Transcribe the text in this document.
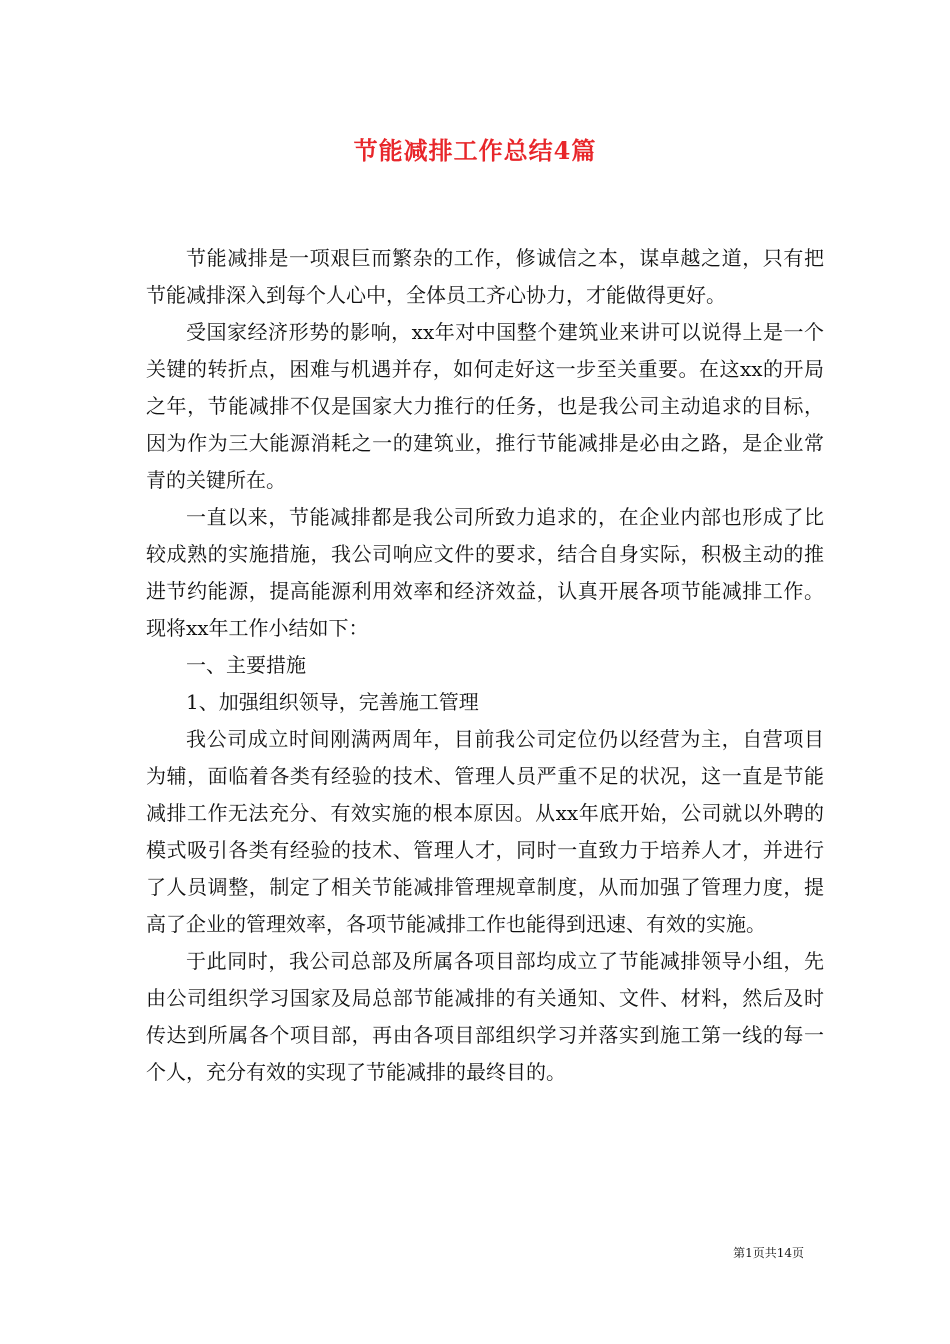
节能减排工作总结4篇

节能减排是一项艰巨而繁杂的工作，修诚信之本，谋卓越之道，只有把节能减排深入到每个人心中，全体员工齐心协力，才能做得更好。

受国家经济形势的影响，xx年对中国整个建筑业来讲可以说得上是一个关键的转折点，困难与机遇并存，如何走好这一步至关重要。在这xx的开局之年，节能减排不仅是国家大力推行的任务，也是我公司主动追求的目标，因为作为三大能源消耗之一的建筑业，推行节能减排是必由之路，是企业常青的关键所在。

一直以来，节能减排都是我公司所致力追求的，在企业内部也形成了比较成熟的实施措施，我公司响应文件的要求，结合自身实际，积极主动的推进节约能源，提高能源利用效率和经济效益，认真开展各项节能减排工作。现将xx年工作小结如下：

一、主要措施

1、加强组织领导，完善施工管理

我公司成立时间刚满两周年，目前我公司定位仍以经营为主，自营项目为辅，面临着各类有经验的技术、管理人员严重不足的状况，这一直是节能减排工作无法充分、有效实施的根本原因。从xx年底开始，公司就以外聘的模式吸引各类有经验的技术、管理人才，同时一直致力于培养人才，并进行了人员调整，制定了相关节能减排管理规章制度，从而加强了管理力度，提高了企业的管理效率，各项节能减排工作也能得到迅速、有效的实施。

于此同时，我公司总部及所属各项目部均成立了节能减排领导小组，先由公司组织学习国家及局总部节能减排的有关通知、文件、材料，然后及时传达到所属各个项目部，再由各项目部组织学习并落实到施工第一线的每一个人，充分有效的实现了节能减排的最终目的。

第1页共14页
